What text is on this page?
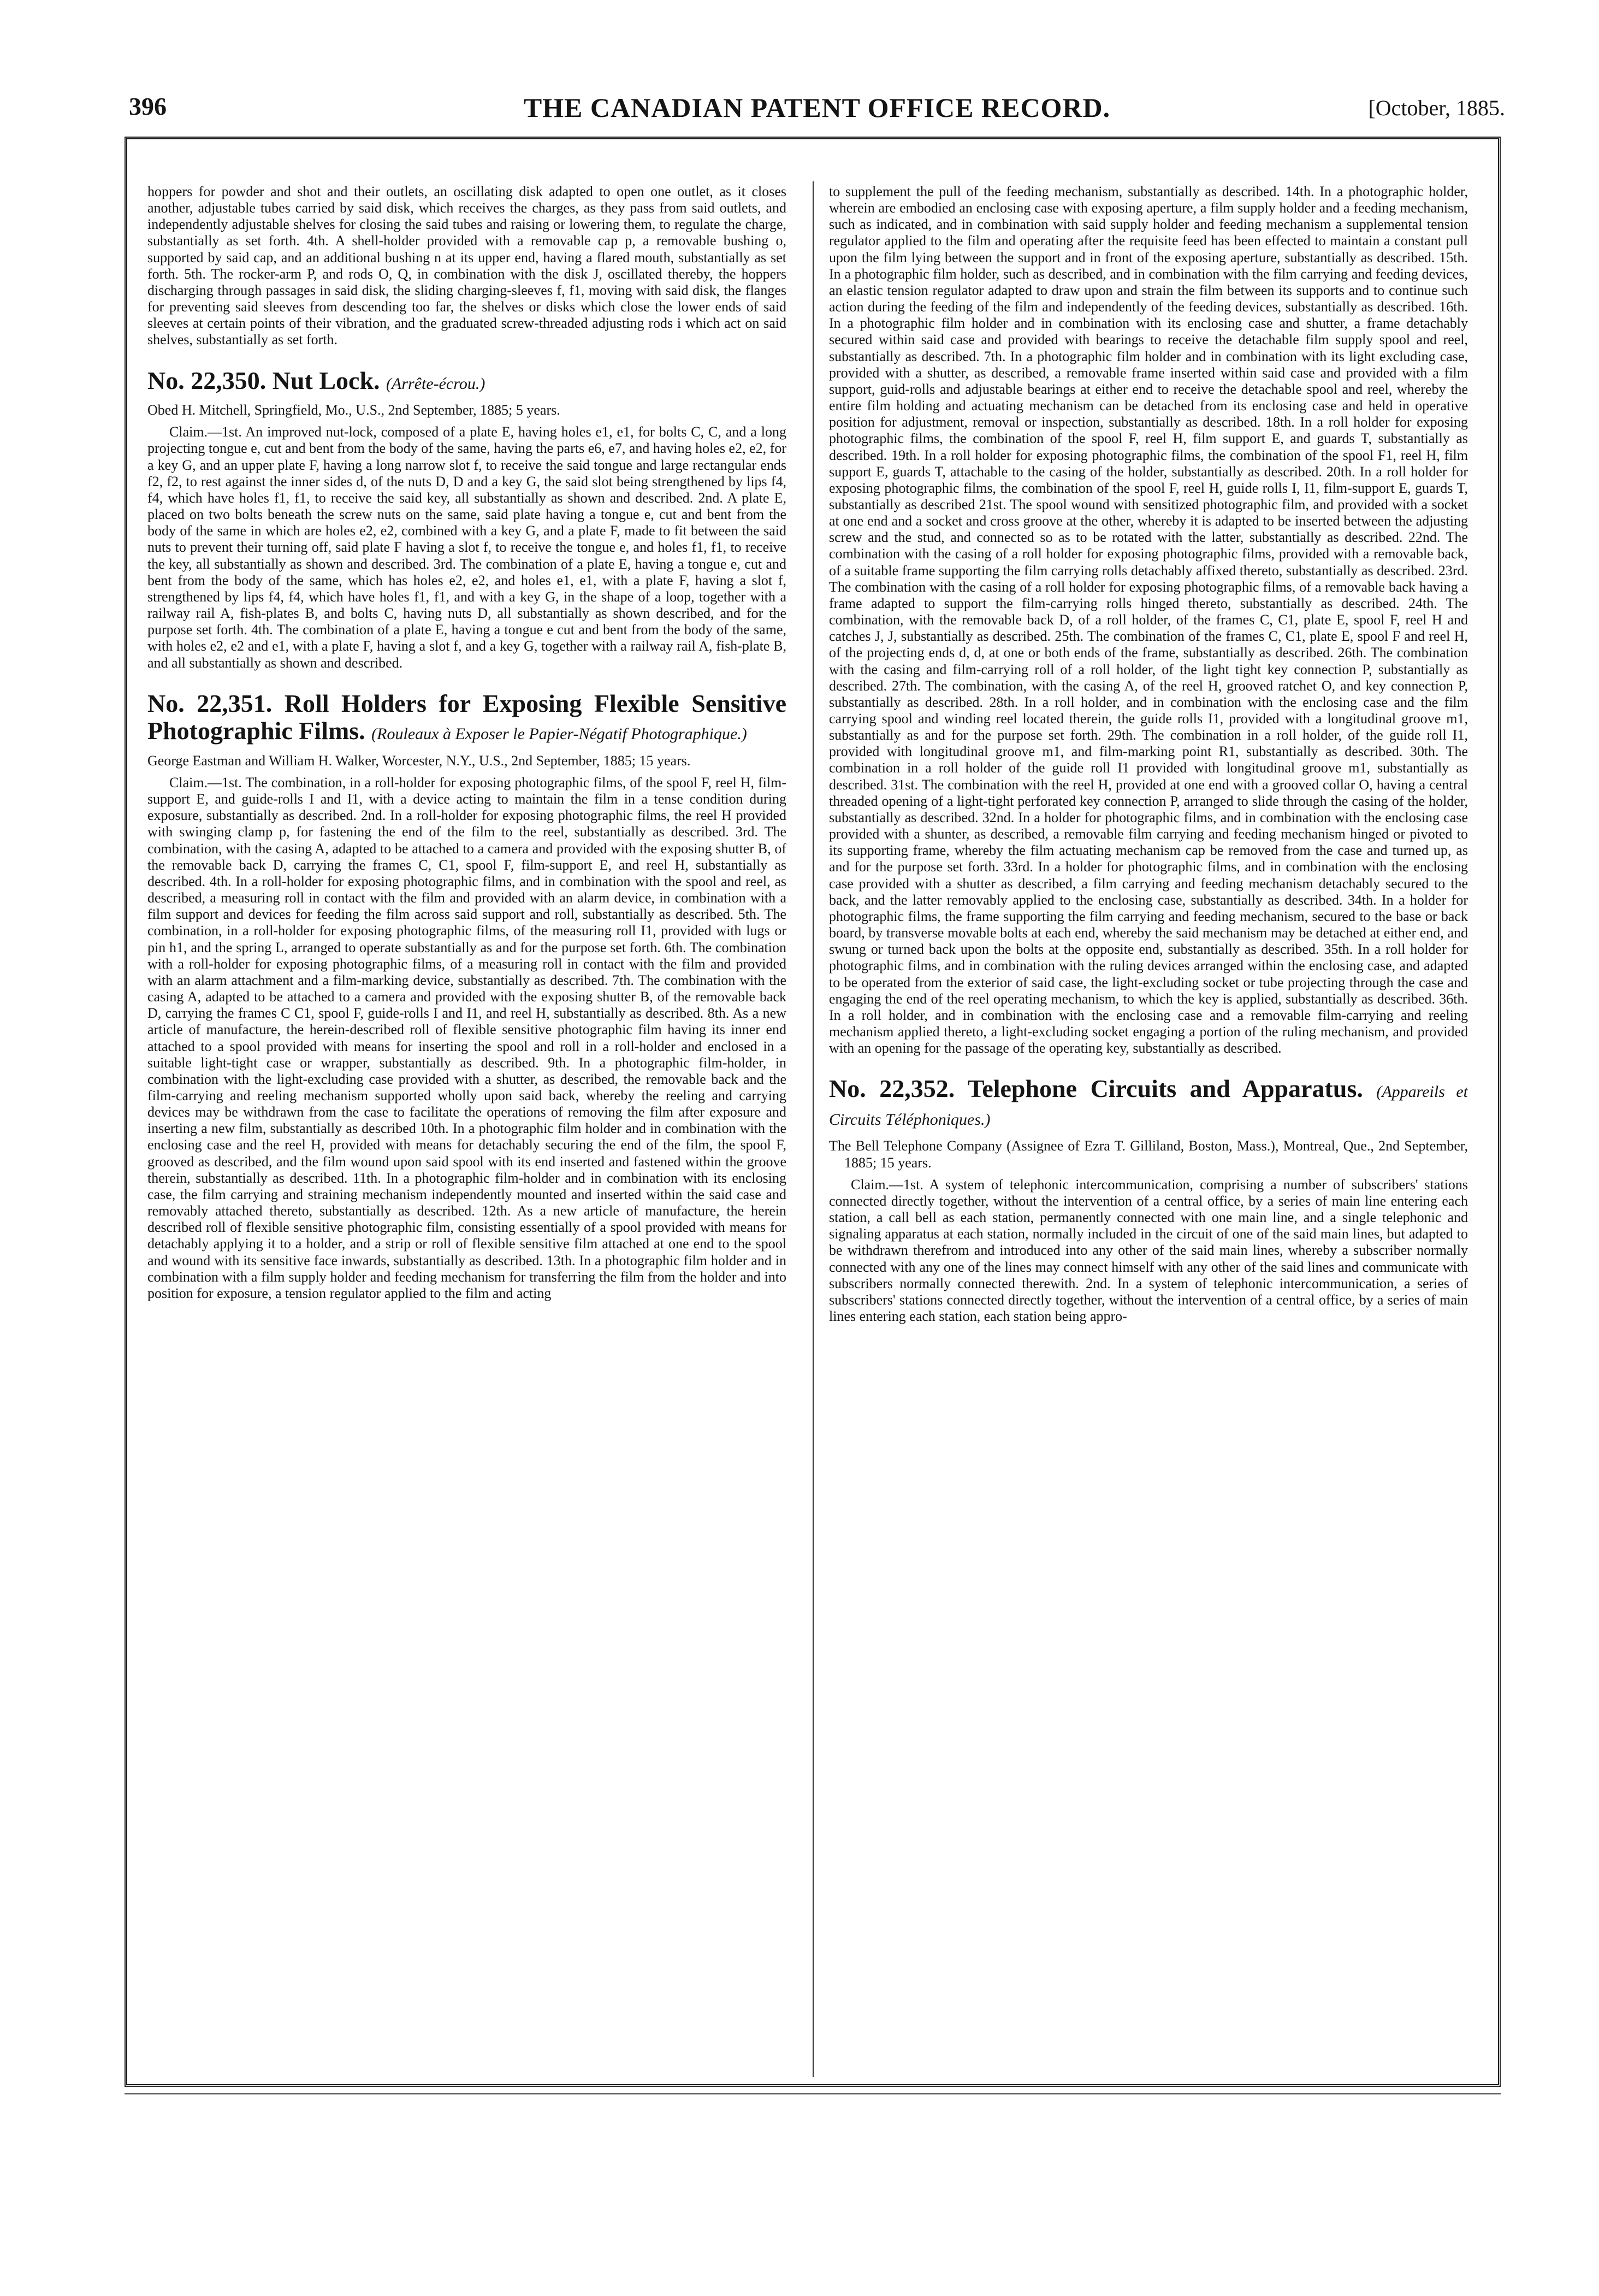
396	THE CANADIAN PATENT OFFICE RECORD.	[October, 1885.

hoppers for powder and shot and their outlets, an oscillating disk adapted to open one outlet, as it closes another, adjustable tubes carried by said disk, which receives the charges, as they pass from said outlets, and independently adjustable shelves for closing the said tubes and raising or lowering them, to regulate the charge, substantially as set forth. 4th. A shell-holder provided with a removable cap p, a removable bushing o, supported by said cap, and an additional bushing n at its upper end, having a flared mouth, substantially as set forth. 5th. The rocker-arm P, and rods O, Q, in combination with the disk J, oscillated thereby, the hoppers discharging through passages in said disk, the sliding charging-sleeves f, f1, moving with said disk, the flanges for preventing said sleeves from descending too far, the shelves or disks which close the lower ends of said sleeves at certain points of their vibration, and the graduated screw-threaded adjusting rods i which act on said shelves, substantially as set forth.

No. 22,350. Nut Lock. (Arrête-écrou.)

Obed H. Mitchell, Springfield, Mo., U.S., 2nd September, 1885; 5 years.

Claim.—1st. An improved nut-lock, composed of a plate E, having holes e1, e1, for bolts C, C, and a long projecting tongue e, cut and bent from the body of the same, having the parts e6, e7, and having holes e2, e2, for a key G, and an upper plate F, having a long narrow slot f, to receive the said tongue and large rectangular ends f2, f2, to rest against the inner sides d, of the nuts D, D and a key G, the said slot being strengthened by lips f4, f4, which have holes f1, f1, to receive the said key, all substantially as shown and described. 2nd. A plate E, placed on two bolts beneath the screw nuts on the same, said plate having a tongue e, cut and bent from the body of the same in which are holes e2, e2, combined with a key G, and a plate F, made to fit between the said nuts to prevent their turning off, said plate F having a slot f, to receive the tongue e, and holes f1, f1, to receive the key, all substantially as shown and described. 3rd. The combination of a plate E, having a tongue e, cut and bent from the body of the same, which has holes e2, e2, and holes e1, e1, with a plate F, having a slot f, strengthened by lips f4, f4, which have holes f1, f1, and with a key G, in the shape of a loop, together with a railway rail A, fish-plates B, and bolts C, having nuts D, all substantially as shown described, and for the purpose set forth. 4th. The combination of a plate E, having a tongue e cut and bent from the body of the same, with holes e2, e2 and e1, with a plate F, having a slot f, and a key G, together with a railway rail A, fish-plate B, and all substantially as shown and described.

No. 22,351. Roll Holders for Exposing Flexible Sensitive Photographic Films. (Rouleaux à Exposer le Papier-Négatif Photographique.)

George Eastman and William H. Walker, Worcester, N.Y., U.S., 2nd September, 1885; 15 years.

Claim.—1st. The combination, in a roll-holder for exposing photographic films, of the spool F, reel H, film-support E, and guide-rolls I and I1, with a device acting to maintain the film in a tense condition during exposure, substantially as described. 2nd. In a roll-holder for exposing photographic films, the reel H provided with swinging clamp p, for fastening the end of the film to the reel, substantially as described. 3rd. The combination, with the casing A, adapted to be attached to a camera and provided with the exposing shutter B, of the removable back D, carrying the frames C, C1, spool F, film-support E, and reel H, substantially as described. 4th. In a roll-holder for exposing photographic films, and in combination with the spool and reel, as described, a measuring roll in contact with the film and provided with an alarm device, in combination with a film support and devices for feeding the film across said support and roll, substantially as described. 5th. The combination, in a roll-holder for exposing photographic films, of the measuring roll I1, provided with lugs or pin h1, and the spring L, arranged to operate substantially as and for the purpose set forth. 6th. The combination with a roll-holder for exposing photographic films, of a measuring roll in contact with the film and provided with an alarm attachment and a film-marking device, substantially as described. 7th. The combination with the casing A, adapted to be attached to a camera and provided with the exposing shutter B, of the removable back D, carrying the frames C C1, spool F, guide-rolls I and I1, and reel H, substantially as described. 8th. As a new article of manufacture, the herein-described roll of flexible sensitive photographic film having its inner end attached to a spool provided with means for inserting the spool and roll in a roll-holder and enclosed in a suitable light-tight case or wrapper, substantially as described. 9th. In a photographic film-holder, in combination with the light-excluding case provided with a shutter, as described, the removable back and the film-carrying and reeling mechanism supported wholly upon said back, whereby the reeling and carrying devices may be withdrawn from the case to facilitate the operations of removing the film after exposure and inserting a new film, substantially as described 10th. In a photographic film holder and in combination with the enclosing case and the reel H, provided with means for detachably securing the end of the film, the spool F, grooved as described, and the film wound upon said spool with its end inserted and fastened within the groove therein, substantially as described. 11th. In a photographic film-holder and in combination with its enclosing case, the film carrying and straining mechanism independently mounted and inserted within the said case and removably attached thereto, substantially as described. 12th. As a new article of manufacture, the herein described roll of flexible sensitive photographic film, consisting essentially of a spool provided with means for detachably applying it to a holder, and a strip or roll of flexible sensitive film attached at one end to the spool and wound with its sensitive face inwards, substantially as described. 13th. In a photographic film holder and in combination with a film supply holder and feeding mechanism for transferring the film from the holder and into position for exposure, a tension regulator applied to the film and acting

to supplement the pull of the feeding mechanism, substantially as described. 14th. In a photographic holder, wherein are embodied an enclosing case with exposing aperture, a film supply holder and a feeding mechanism, such as indicated, and in combination with said supply holder and feeding mechanism a supplemental tension regulator applied to the film and operating after the requisite feed has been effected to maintain a constant pull upon the film lying between the support and in front of the exposing aperture, substantially as described. 15th. In a photographic film holder, such as described, and in combination with the film carrying and feeding devices, an elastic tension regulator adapted to draw upon and strain the film between its supports and to continue such action during the feeding of the film and independently of the feeding devices, substantially as described. 16th. In a photographic film holder and in combination with its enclosing case and shutter, a frame detachably secured within said case and provided with bearings to receive the detachable film supply spool and reel, substantially as described. 7th. In a photographic film holder and in combination with its light excluding case, provided with a shutter, as described, a removable frame inserted within said case and provided with a film support, guid-rolls and adjustable bearings at either end to receive the detachable spool and reel, whereby the entire film holding and actuating mechanism can be detached from its enclosing case and held in operative position for adjustment, removal or inspection, substantially as described. 18th. In a roll holder for exposing photographic films, the combination of the spool F, reel H, film support E, and guards T, substantially as described. 19th. In a roll holder for exposing photographic films, the combination of the spool F1, reel H, film support E, guards T, attachable to the casing of the holder, substantially as described. 20th. In a roll holder for exposing photographic films, the combination of the spool F, reel H, guide rolls I, I1, film-support E, guards T, substantially as described 21st. The spool wound with sensitized photographic film, and provided with a socket at one end and a socket and cross groove at the other, whereby it is adapted to be inserted between the adjusting screw and the stud, and connected so as to be rotated with the latter, substantially as described. 22nd. The combination with the casing of a roll holder for exposing photographic films, provided with a removable back, of a suitable frame supporting the film carrying rolls detachably affixed thereto, substantially as described. 23rd. The combination with the casing of a roll holder for exposing photographic films, of a removable back having a frame adapted to support the film-carrying rolls hinged thereto, substantially as described. 24th. The combination, with the removable back D, of a roll holder, of the frames C, C1, plate E, spool F, reel H and catches J, J, substantially as described. 25th. The combination of the frames C, C1, plate E, spool F and reel H, of the projecting ends d, d, at one or both ends of the frame, substantially as described. 26th. The combination with the casing and film-carrying roll of a roll holder, of the light tight key connection P, substantially as described. 27th. The combination, with the casing A, of the reel H, grooved ratchet O, and key connection P, substantially as described. 28th. In a roll holder, and in combination with the enclosing case and the film carrying spool and winding reel located therein, the guide rolls I1, provided with a longitudinal groove m1, substantially as and for the purpose set forth. 29th. The combination in a roll holder, of the guide roll I1, provided with longitudinal groove m1, and film-marking point R1, substantially as described. 30th. The combination in a roll holder of the guide roll I1 provided with longitudinal groove m1, substantially as described. 31st. The combination with the reel H, provided at one end with a grooved collar O, having a central threaded opening of a light-tight perforated key connection P, arranged to slide through the casing of the holder, substantially as described. 32nd. In a holder for photographic films, and in combination with the enclosing case provided with a shunter, as described, a removable film carrying and feeding mechanism hinged or pivoted to its supporting frame, whereby the film actuating mechanism cap be removed from the case and turned up, as and for the purpose set forth. 33rd. In a holder for photographic films, and in combination with the enclosing case provided with a shutter as described, a film carrying and feeding mechanism detachably secured to the back, and the latter removably applied to the enclosing case, substantially as described. 34th. In a holder for photographic films, the frame supporting the film carrying and feeding mechanism, secured to the base or back board, by transverse movable bolts at each end, whereby the said mechanism may be detached at either end, and swung or turned back upon the bolts at the opposite end, substantially as described. 35th. In a roll holder for photographic films, and in combination with the ruling devices arranged within the enclosing case, and adapted to be operated from the exterior of said case, the light-excluding socket or tube projecting through the case and engaging the end of the reel operating mechanism, to which the key is applied, substantially as described. 36th. In a roll holder, and in combination with the enclosing case and a removable film-carrying and reeling mechanism applied thereto, a light-excluding socket engaging a portion of the ruling mechanism, and provided with an opening for the passage of the operating key, substantially as described.

No. 22,352. Telephone Circuits and Apparatus. (Appareils et Circuits Téléphoniques.)

The Bell Telephone Company (Assignee of Ezra T. Gilliland, Boston, Mass.), Montreal, Que., 2nd September, 1885; 15 years.

Claim.—1st. A system of telephonic intercommunication, comprising a number of subscribers' stations connected directly together, without the intervention of a central office, by a series of main line entering each station, a call bell as each station, permanently connected with one main line, and a single telephonic and signaling apparatus at each station, normally included in the circuit of one of the said main lines, but adapted to be withdrawn therefrom and introduced into any other of the said main lines, whereby a subscriber normally connected with any one of the lines may connect himself with any other of the said lines and communicate with subscribers normally connected therewith. 2nd. In a system of telephonic intercommunication, a series of subscribers' stations connected directly together, without the intervention of a central office, by a series of main lines entering each station, each station being appro-
